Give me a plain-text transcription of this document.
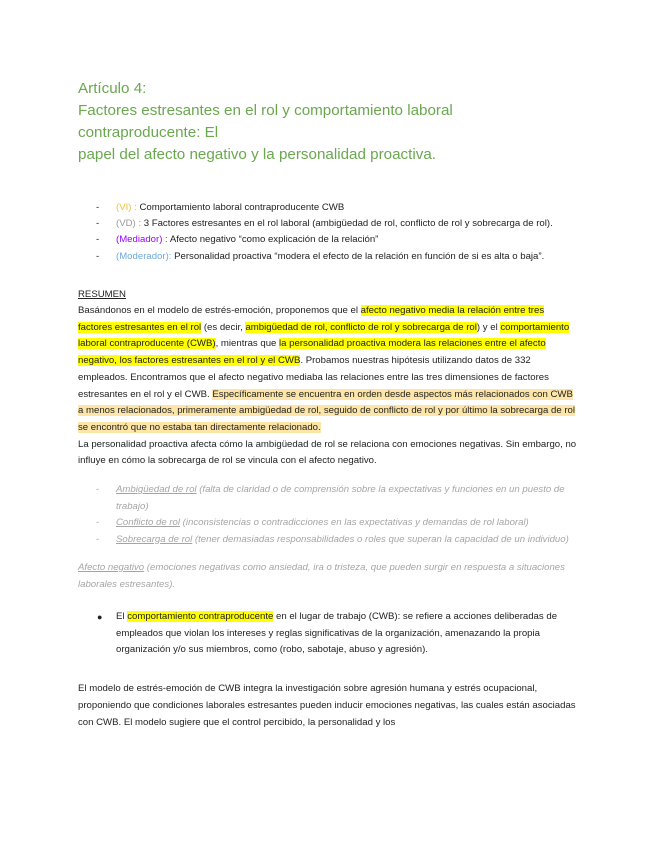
Artículo 4:
Factores estresantes en el rol y comportamiento laboral contraproducente: El
papel del afecto negativo y la personalidad proactiva.
- (VI) : Comportamiento laboral contraproducente CWB
- (VD) : 3 Factores estresantes en el rol laboral (ambigüedad de rol, conflicto de rol y sobrecarga de rol).
- (Mediador) : Afecto negativo “como explicación de la relación”
- (Moderador): Personalidad proactiva “modera el efecto de la relación en función de si es alta o baja”.

RESUMEN

Basándonos en el modelo de estrés-emoción, proponemos que el afecto negativo media la relación entre tres factores estresantes en el rol (es decir, ambigüedad de rol, conflicto de rol y sobrecarga de rol) y el comportamiento laboral contraproducente (CWB), mientras que la personalidad proactiva modera las relaciones entre el afecto negativo, los factores estresantes en el rol y el CWB. Probamos nuestras hipótesis utilizando datos de 332 empleados. Encontramos que el afecto negativo mediaba las relaciones entre las tres dimensiones de factores estresantes en el rol y el CWB. Específicamente se encuentra en orden desde aspectos más relacionados con CWB a menos relacionados, primeramente ambigüedad de rol, seguido de conflicto de rol y por último la sobrecarga de rol se encontró que no estaba tan directamente relacionado.

La personalidad proactiva afecta cómo la ambigüedad de rol se relaciona con emociones negativas. Sin embargo, no influye en cómo la sobrecarga de rol se vincula con el afecto negativo.

- Ambigüedad de rol (falta de claridad o de comprensión sobre la expectativas y funciones en un puesto de trabajo)
- Conflicto de rol (inconsistencias o contradicciones en las expectativas y demandas de rol laboral)
- Sobrecarga de rol (tener demasiadas responsabilidades o roles que superan la capacidad de un individuo)

Afecto negativo (emociones negativas como ansiedad, ira o tristeza, que pueden surgir en respuesta a situaciones laborales estresantes).

● El comportamiento contraproducente en el lugar de trabajo (CWB): se refiere a acciones deliberadas de empleados que violan los intereses y reglas significativas de la organización, amenazando la propia organización y/o sus miembros, como (robo, sabotaje, abuso y agresión).

El modelo de estrés-emoción de CWB integra la investigación sobre agresión humana y estrés ocupacional, proponiendo que condiciones laborales estresantes pueden inducir emociones negativas, las cuales están asociadas con CWB. El modelo sugiere que el control percibido, la personalidad y los
